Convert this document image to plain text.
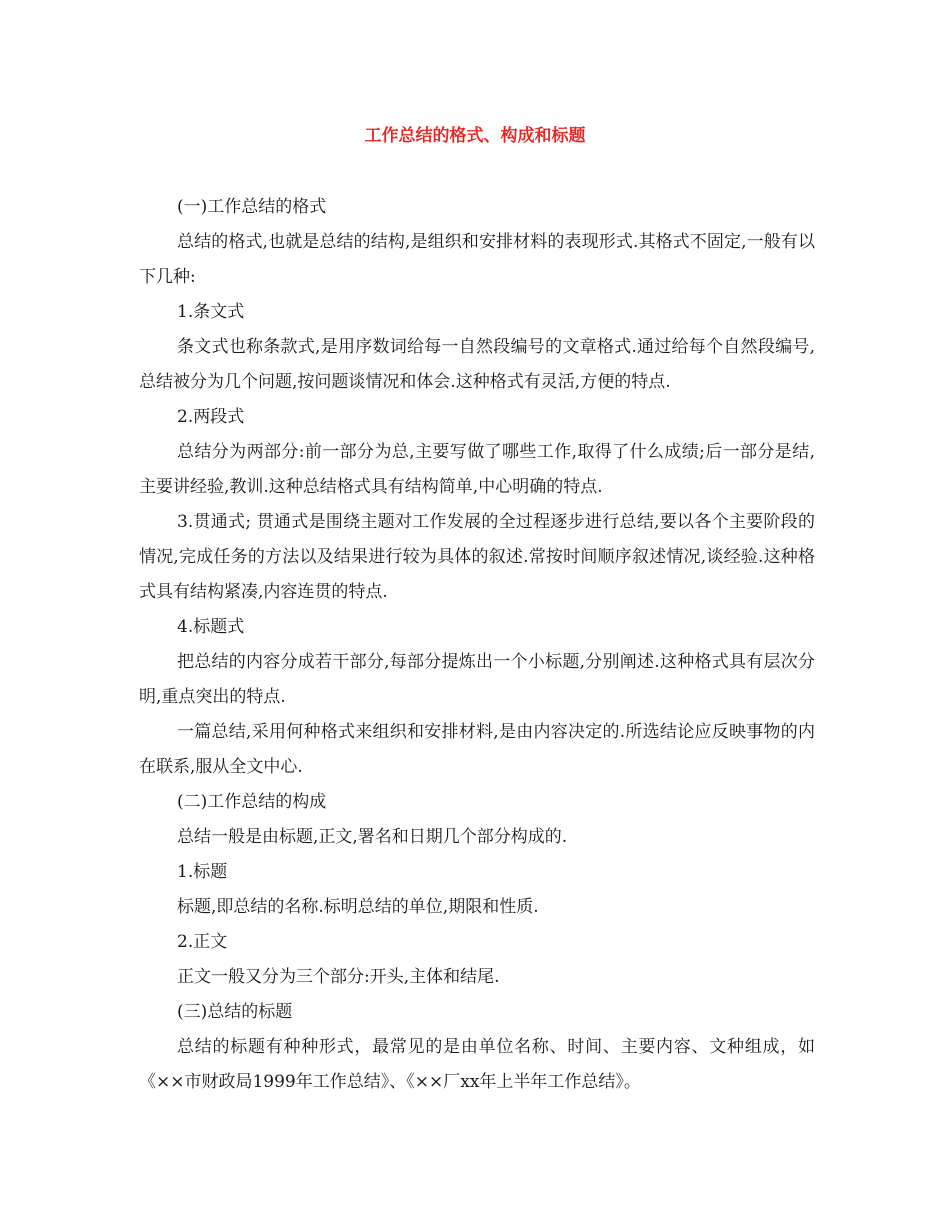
工作总结的格式、构成和标题

(一)工作总结的格式

总结的格式,也就是总结的结构,是组织和安排材料的表现形式.其格式不固定,一般有以下几种:

1.条文式

条文式也称条款式,是用序数词给每一自然段编号的文章格式.通过给每个自然段编号,总结被分为几个问题,按问题谈情况和体会.这种格式有灵活,方便的特点.

2.两段式

总结分为两部分:前一部分为总,主要写做了哪些工作,取得了什么成绩;后一部分是结,主要讲经验,教训.这种总结格式具有结构简单,中心明确的特点.

3.贯通式; 贯通式是围绕主题对工作发展的全过程逐步进行总结,要以各个主要阶段的情况,完成任务的方法以及结果进行较为具体的叙述.常按时间顺序叙述情况,谈经验.这种格式具有结构紧凑,内容连贯的特点.

4.标题式

把总结的内容分成若干部分,每部分提炼出一个小标题,分别阐述.这种格式具有层次分明,重点突出的特点.

一篇总结,采用何种格式来组织和安排材料,是由内容决定的.所选结论应反映事物的内在联系,服从全文中心.

(二)工作总结的构成

总结一般是由标题,正文,署名和日期几个部分构成的.

1.标题

标题,即总结的名称.标明总结的单位,期限和性质.

2.正文

正文一般又分为三个部分:开头,主体和结尾.

(三)总结的标题

总结的标题有种种形式，最常见的是由单位名称、时间、主要内容、文种组成，如《××市财政局1999年工作总结》、《××厂xx年上半年工作总结》。
